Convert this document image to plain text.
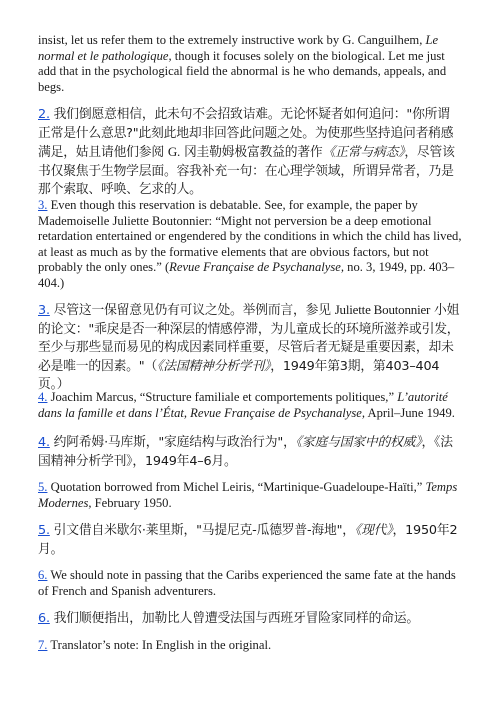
insist, let us refer them to the extremely instructive work by G. Canguilhem, Le normal et le pathologique, though it focuses solely on the biological. Let me just add that in the psychological field the abnormal is he who demands, appeals, and begs.

2. 我们倒愿意相信，此未句不会招致诘难。无论怀疑者如何追问："你所谓正常是什么意思?"此刻此地却非回答此问题之处。为使那些坚持追问者稍感满足，姑且请他们参阅 G. 冈圭勒姆极富教益的著作《正常与病态》，尽管该书仅聚焦于生物学层面。容我补充一句：在心理学领域，所谓异常者，乃是那个索取、呼唤、乞求的人。

3. Even though this reservation is debatable. See, for example, the paper by Mademoiselle Juliette Boutonnier: “Might not perversion be a deep emotional retardation entertained or engendered by the conditions in which the child has lived, at least as much as by the formative elements that are obvious factors, but not probably the only ones.” (Revue Française de Psychanalyse, no. 3, 1949, pp. 403–404.)

3. 尽管这一保留意见仍有可议之处。举例而言，参见 Juliette Boutonnier 小姐的论文："乖戾是否一种深层的情感停滞，为儿童成长的环境所滋养或引发，至少与那些显而易见的构成因素同样重要，尽管后者无疑是重要因素，却未必是唯一的因素。"（《法国精神分析学刊》，1949年第3期，第403–404页。）

4. Joachim Marcus, “Structure familiale et comportements politiques,” L’autorité dans la famille et dans l’État, Revue Française de Psychanalyse, April–June 1949.

4. 约阿希姆·马库斯，"家庭结构与政治行为"，《家庭与国家中的权威》，《法国精神分析学刊》，1949年4–6月。

5. Quotation borrowed from Michel Leiris, “Martinique-Guadeloupe-Haïti,” Temps Modernes, February 1950.

5. 引文借自米歇尔·莱里斯，"马提尼克-瓜德罗普-海地"，《现代》，1950年2月。

6. We should note in passing that the Caribs experienced the same fate at the hands of French and Spanish adventurers.

6. 我们顺便指出，加勒比人曾遭受法国与西班牙冒险家同样的命运。

7. Translator’s note: In English in the original.
